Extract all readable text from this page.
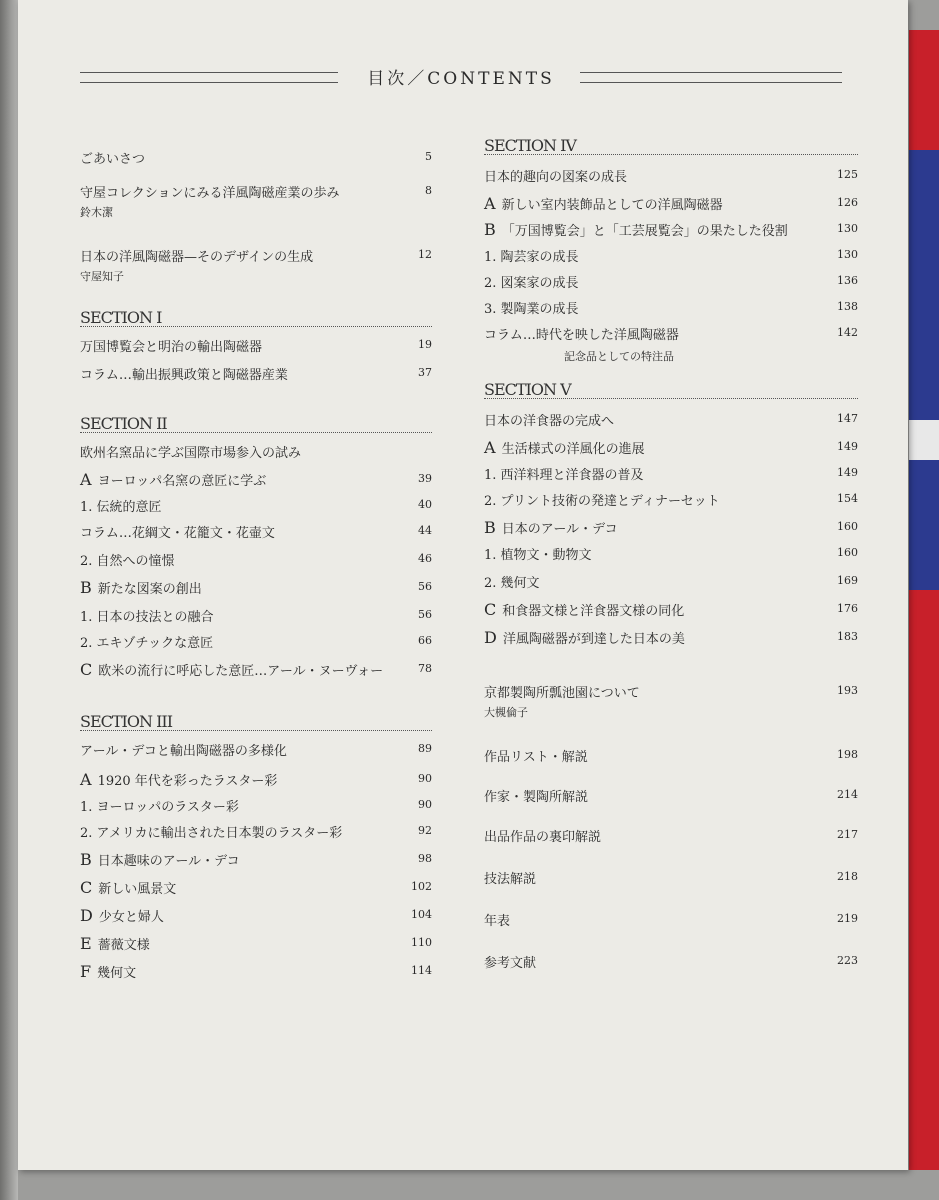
目次／CONTENTS
ごあいさつ	5
守屋コレクションにみる洋風陶磁産業の歩み	8
鈴木潔
日本の洋風陶磁器—そのデザインの生成	12
守屋知子
SECTION I
万国博覧会と明治の輸出陶磁器	19
コラム…輸出振興政策と陶磁器産業	37
SECTION II
欧州名窯品に学ぶ国際市場参入の試み
A ヨーロッパ名窯の意匠に学ぶ	39
1. 伝統的意匠	40
コラム…花綱文・花籠文・花壷文	44
2. 自然への憧憬	46
B 新たな図案の創出	56
1. 日本の技法との融合	56
2. エキゾチックな意匠	66
C 欧米の流行に呼応した意匠…アール・ヌーヴォー	78
SECTION III
アール・デコと輸出陶磁器の多様化	89
A 1920 年代を彩ったラスター彩	90
1. ヨーロッパのラスター彩	90
2. アメリカに輸出された日本製のラスター彩	92
B 日本趣味のアール・デコ	98
C 新しい風景文	102
D 少女と婦人	104
E 薔薇文様	110
F 幾何文	114
SECTION IV
日本的趣向の図案の成長	125
A 新しい室内装飾品としての洋風陶磁器	126
B 「万国博覧会」と「工芸展覧会」の果たした役割	130
1. 陶芸家の成長	130
2. 図案家の成長	136
3. 製陶業の成長	138
コラム…時代を映した洋風陶磁器	142
記念品としての特注品
SECTION V
日本の洋食器の完成へ	147
A 生活様式の洋風化の進展	149
1. 西洋料理と洋食器の普及	149
2. プリント技術の発達とディナーセット	154
B 日本のアール・デコ	160
1. 植物文・動物文	160
2. 幾何文	169
C 和食器文様と洋食器文様の同化	176
D 洋風陶磁器が到達した日本の美	183
京都製陶所瓢池園について	193
大槻倫子
作品リスト・解説	198
作家・製陶所解説	214
出品作品の裏印解説	217
技法解説	218
年表	219
参考文献	223
